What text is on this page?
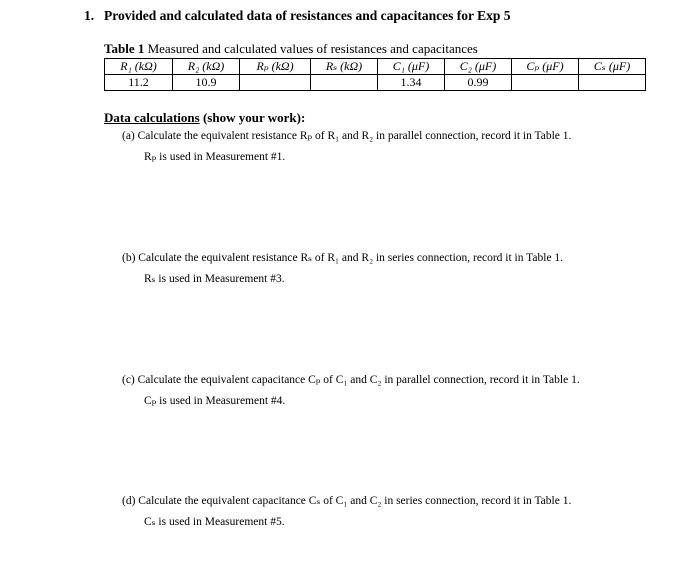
1. Provided and calculated data of resistances and capacitances for Exp 5
Table 1 Measured and calculated values of resistances and capacitances
R₁ (kΩ)	R₂ (kΩ)	Rₚ (kΩ)	Rₛ (kΩ)	C₁ (μF)	C₂ (μF)	Cₚ (μF)	Cₛ (μF)
11.2	10.9			1.34	0.99		
Data calculations (show your work):
(a) Calculate the equivalent resistance Rₚ of R₁ and R₂ in parallel connection, record it in Table 1.
Rₚ is used in Measurement #1.
(b) Calculate the equivalent resistance Rₛ of R₁ and R₂ in series connection, record it in Table 1.
Rₛ is used in Measurement #3.
(c) Calculate the equivalent capacitance Cₚ of C₁ and C₂ in parallel connection, record it in Table 1.
Cₚ is used in Measurement #4.
(d) Calculate the equivalent capacitance Cₛ of C₁ and C₂ in series connection, record it in Table 1.
Cₛ is used in Measurement #5.
